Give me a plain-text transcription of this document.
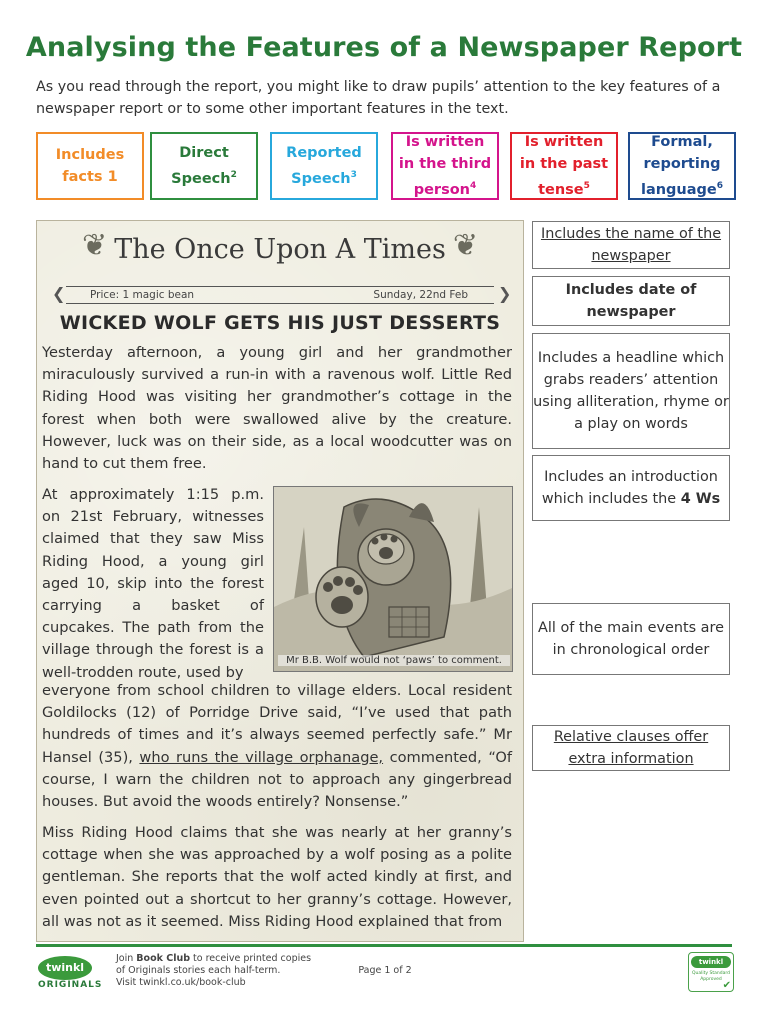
Analysing the Features of a Newspaper Report
As you read through the report, you might like to draw pupils’ attention to the key features of a newspaper report or to some other important features in the text.
Includes facts 1
Direct Speech$^2$
Reported Speech$^3$
Is written in the third person$^4$
Is written in the past tense$^5$
Formal, reporting language$^6$
❦ The Once Upon A Times ❦
❮ Price: 1 magic bean	Sunday, 22nd Feb ❯
WICKED WOLF GETS HIS JUST DESSERTS
Yesterday afternoon, a young girl and her grandmother miraculously survived a run-in with a ravenous wolf. Little Red Riding Hood was visiting her grandmother’s cottage in the forest when both were swallowed alive by the creature. However, luck was on their side, as a local woodcutter was on hand to cut them free.
At approximately 1:15 p.m. on 21st February, witnesses claimed that they saw Miss Riding Hood, a young girl aged 10, skip into the forest carrying a basket of cupcakes. The path from the village through the forest is a well-trodden route, used by
Mr B.B. Wolf would not ‘paws’ to comment.
everyone from school children to village elders. Local resident Goldilocks (12) of Porridge Drive said, “I’ve used that path hundreds of times and it’s always seemed perfectly safe.” Mr Hansel (35), who runs the village orphanage, commented, “Of course, I warn the children not to approach any gingerbread houses. But avoid the woods entirely? Nonsense.”
Miss Riding Hood claims that she was nearly at her granny’s cottage when she was approached by a wolf posing as a polite gentleman. She reports that the wolf acted kindly at first, and even pointed out a shortcut to her granny’s cottage. However, all was not as it seemed. Miss Riding Hood explained that from
Includes the name of the newspaper
Includes date of newspaper
Includes a headline which grabs readers’ attention using alliteration, rhyme or a play on words
Includes an introduction which includes the 4 Ws
All of the main events are in chronological order
Relative clauses offer extra information
twinkl
ORIGINALS
Join Book Club to receive printed copies
of Originals stories each half-term.
Visit twinkl.co.uk/book-club
Page 1 of 2
twinkl
Quality Standard Approved
✔
